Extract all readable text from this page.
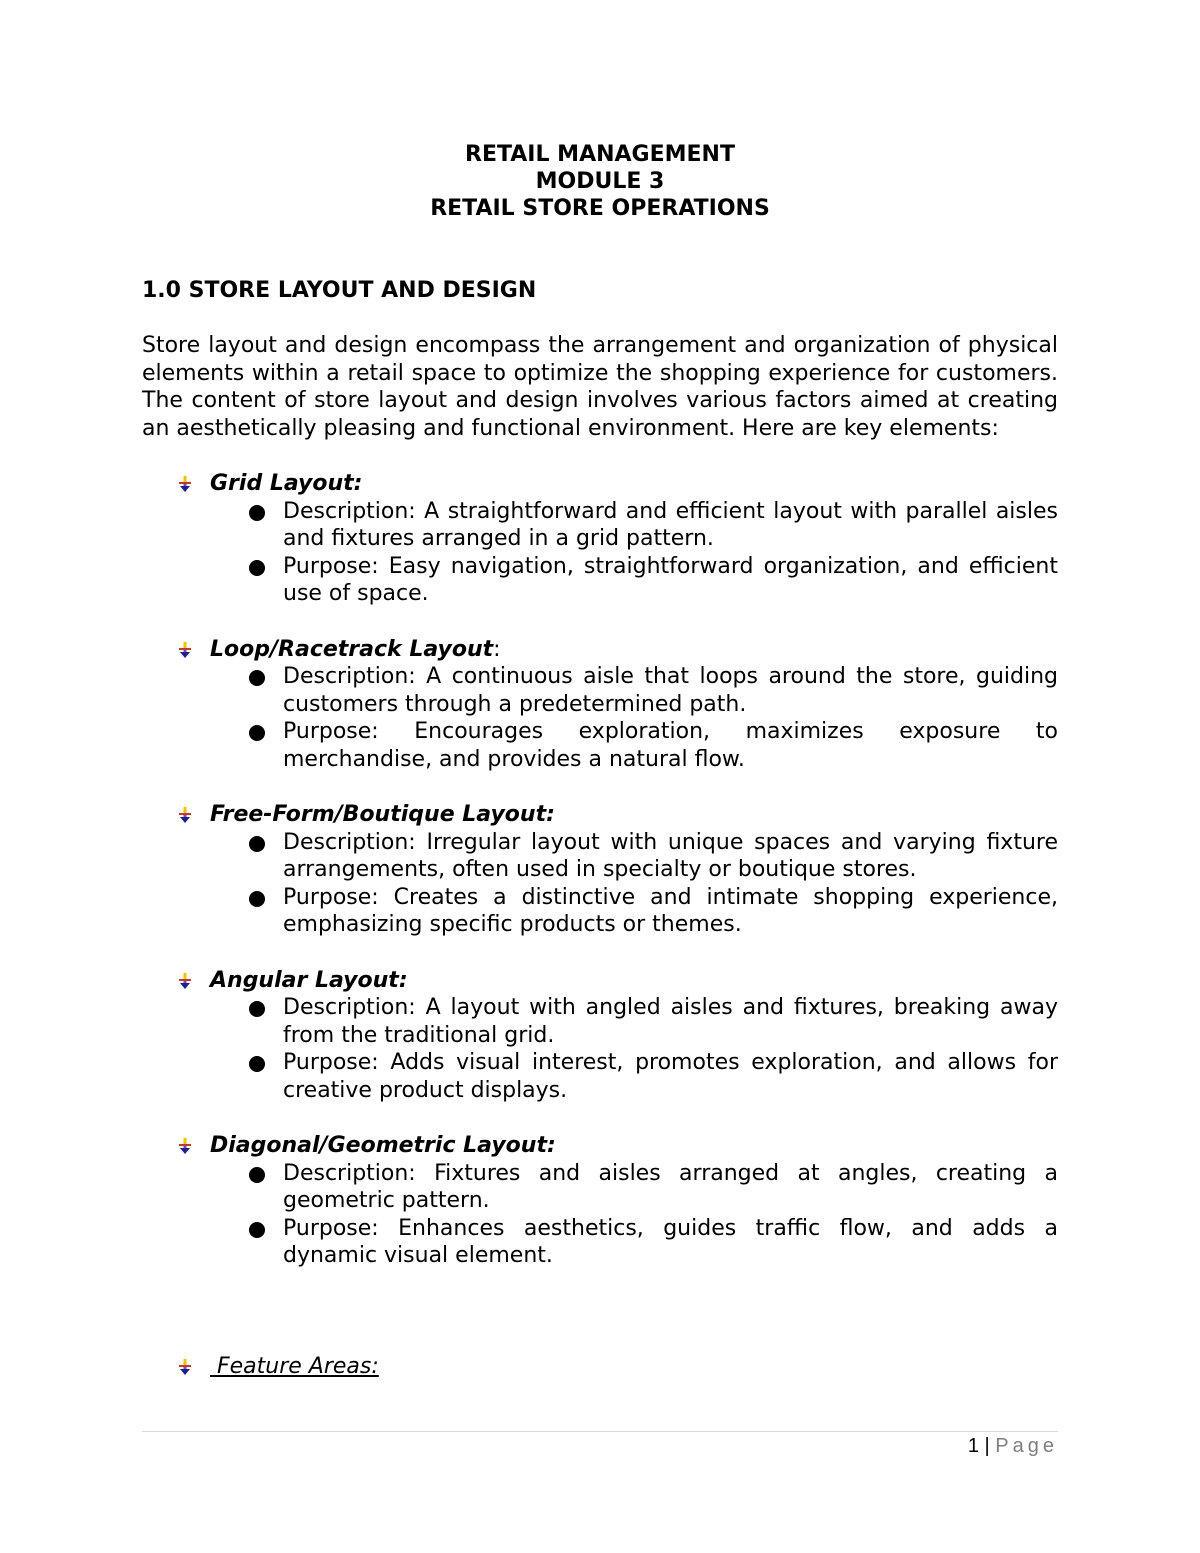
RETAIL MANAGEMENT
MODULE 3
RETAIL STORE OPERATIONS
1.0 STORE LAYOUT AND DESIGN
Store layout and design encompass the arrangement and organization of physical elements within a retail space to optimize the shopping experience for customers. The content of store layout and design involves various factors aimed at creating an aesthetically pleasing and functional environment. Here are key elements:
Grid Layout:
Description: A straightforward and efficient layout with parallel aisles and fixtures arranged in a grid pattern.
Purpose: Easy navigation, straightforward organization, and efficient use of space.
Loop/Racetrack Layout:
Description: A continuous aisle that loops around the store, guiding customers through a predetermined path.
Purpose: Encourages exploration, maximizes exposure to merchandise, and provides a natural flow.
Free-Form/Boutique Layout:
Description: Irregular layout with unique spaces and varying fixture arrangements, often used in specialty or boutique stores.
Purpose: Creates a distinctive and intimate shopping experience, emphasizing specific products or themes.
Angular Layout:
Description: A layout with angled aisles and fixtures, breaking away from the traditional grid.
Purpose: Adds visual interest, promotes exploration, and allows for creative product displays.
Diagonal/Geometric Layout:
Description: Fixtures and aisles arranged at angles, creating a geometric pattern.
Purpose: Enhances aesthetics, guides traffic flow, and adds a dynamic visual element.
Feature Areas:
1 | Page
